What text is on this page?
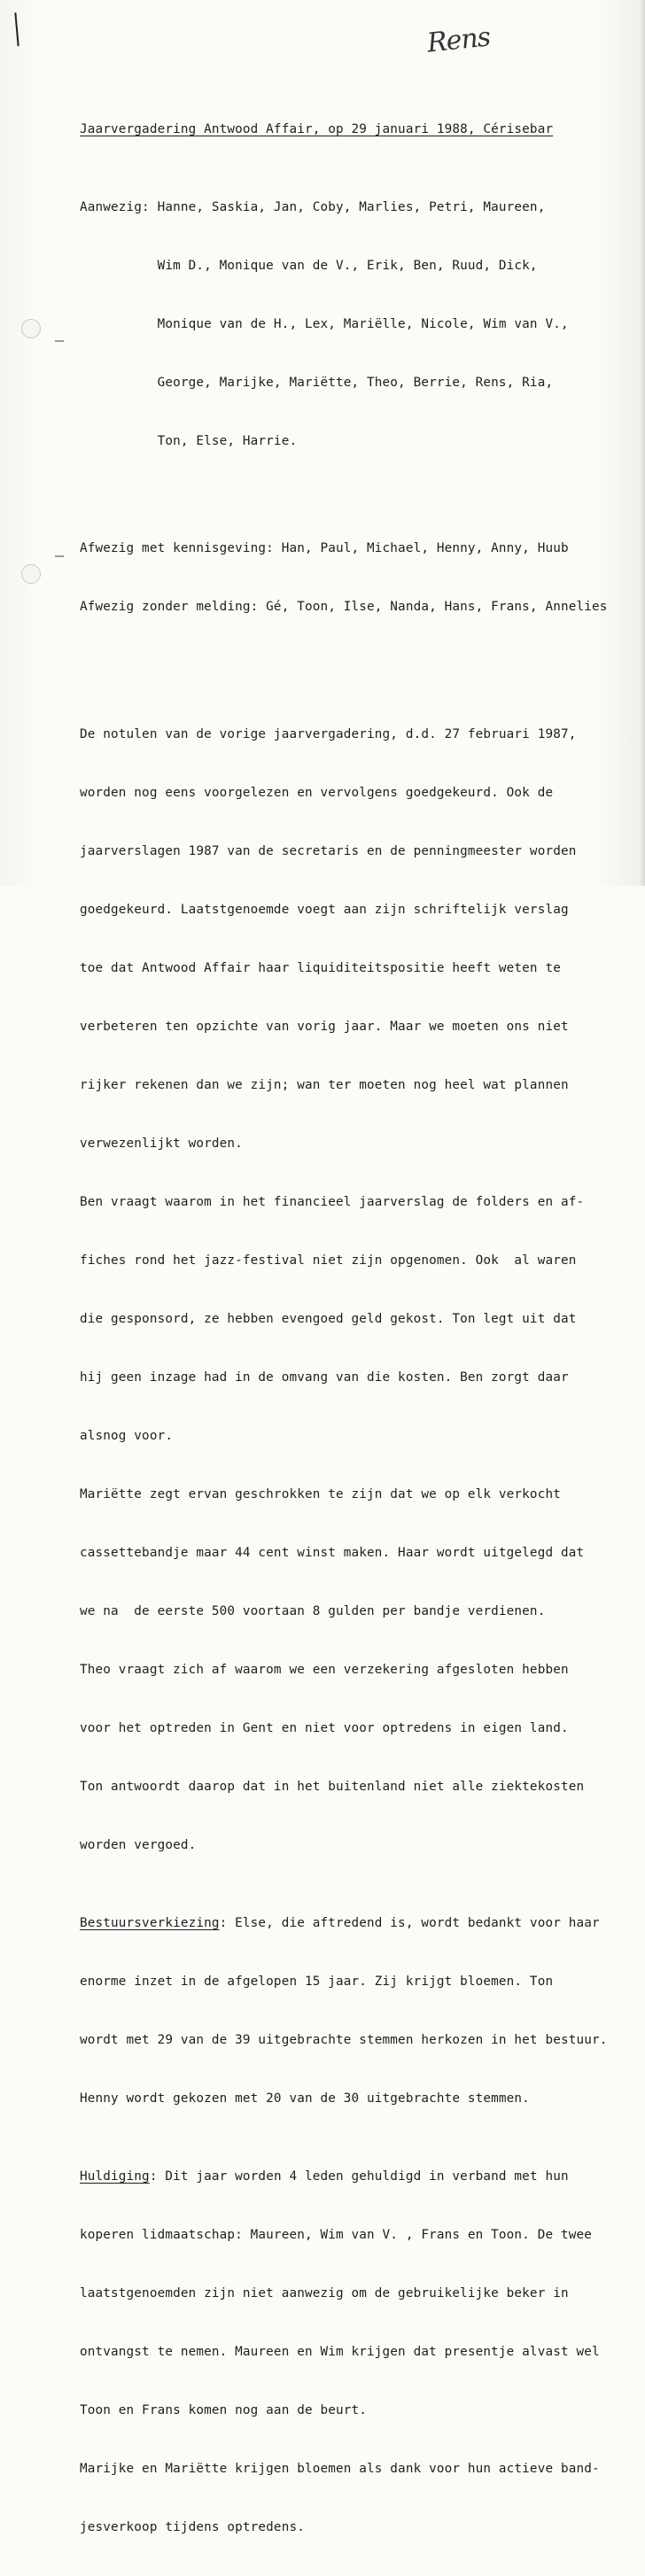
Rens

Jaarvergadering Antwood Affair, op 29 januari 1988, Cérisebar

Aanwezig: Hanne, Saskia, Jan, Coby, Marlies, Petri, Maureen,

Wim D., Monique van de V., Erik, Ben, Ruud, Dick,

Monique van de H., Lex, Mariëlle, Nicole, Wim van V.,

George, Marijke, Mariëtte, Theo, Berrie, Rens, Ria,

Ton, Else, Harrie.

Afwezig met kennisgeving: Han, Paul, Michael, Henny, Anny, Huub

Afwezig zonder melding: Gé, Toon, Ilse, Nanda, Hans, Frans, Annelies

De notulen van de vorige jaarvergadering, d.d. 27 februari 1987,

worden nog eens voorgelezen en vervolgens goedgekeurd. Ook de

jaarverslagen 1987 van de secretaris en de penningmeester worden

goedgekeurd. Laatstgenoemde voegt aan zijn schriftelijk verslag

toe dat Antwood Affair haar liquiditeitspositie heeft weten te

verbeteren ten opzichte van vorig jaar. Maar we moeten ons niet

rijker rekenen dan we zijn; wan ter moeten nog heel wat plannen

verwezenlijkt worden.

Ben vraagt waarom in het financieel jaarverslag de folders en af-

fiches rond het jazz-festival niet zijn opgenomen. Ook  al waren

die gesponsord, ze hebben evengoed geld gekost. Ton legt uit dat

hij geen inzage had in de omvang van die kosten. Ben zorgt daar

alsnog voor.

Mariëtte zegt ervan geschrokken te zijn dat we op elk verkocht

cassettebandje maar 44 cent winst maken. Haar wordt uitgelegd dat

we na  de eerste 500 voortaan 8 gulden per bandje verdienen.

Theo vraagt zich af waarom we een verzekering afgesloten hebben

voor het optreden in Gent en niet voor optredens in eigen land.

Ton antwoordt daarop dat in het buitenland niet alle ziektekosten

worden vergoed.

Bestuursverkiezing: Else, die aftredend is, wordt bedankt voor haar

enorme inzet in de afgelopen 15 jaar. Zij krijgt bloemen. Ton

wordt met 29 van de 39 uitgebrachte stemmen herkozen in het bestuur.

Henny wordt gekozen met 20 van de 30 uitgebrachte stemmen.

Huldiging: Dit jaar worden 4 leden gehuldigd in verband met hun

koperen lidmaatschap: Maureen, Wim van V. , Frans en Toon. De twee

laatstgenoemden zijn niet aanwezig om de gebruikelijke beker in

ontvangst te nemen. Maureen en Wim krijgen dat presentje alvast wel

Toon en Frans komen nog aan de beurt.

Marijke en Mariëtte krijgen bloemen als dank voor hun actieve band-

jesverkoop tijdens optredens.
